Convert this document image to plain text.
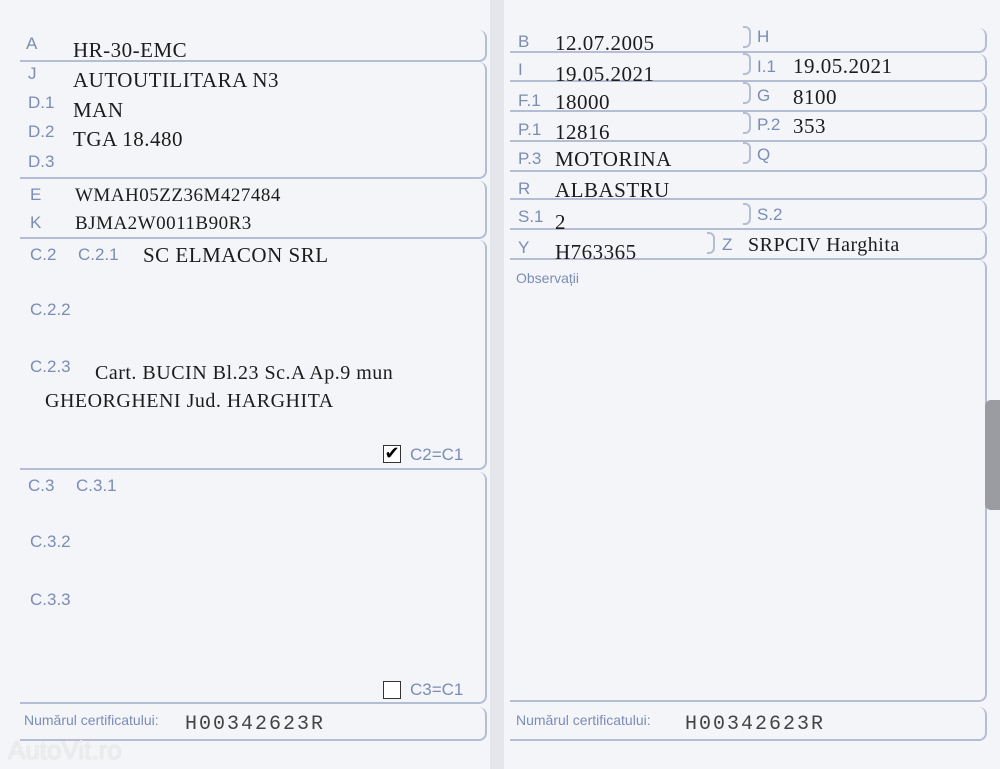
A HR-30-EMC
J AUTOUTILITARA N3
D.1 MAN
D.2 TGA 18.480
D.3
E WMAH05ZZ36M427484
K BJMA2W0011B90R3
C.2 C.2.1 SC ELMACON SRL
C.2.2
C.2.3 Cart. BUCIN Bl.23 Sc.A Ap.9 mun
GHEORGHENI Jud. HARGHITA
✔ C2=C1
C.3 C.3.1
C.3.2
C.3.3
C3=C1
Numărul certificatului: H00342623R
B 12.07.2005	H
I 19.05.2021	I.1 19.05.2021
F.1 18000	G 8100
P.1 12816	P.2 353
P.3 MOTORINA	Q
R ALBASTRU
S.1 2	S.2
Y H763365	Z SRPCIV Harghita
Observații
Numărul certificatului: H00342623R
AutoVit.ro
